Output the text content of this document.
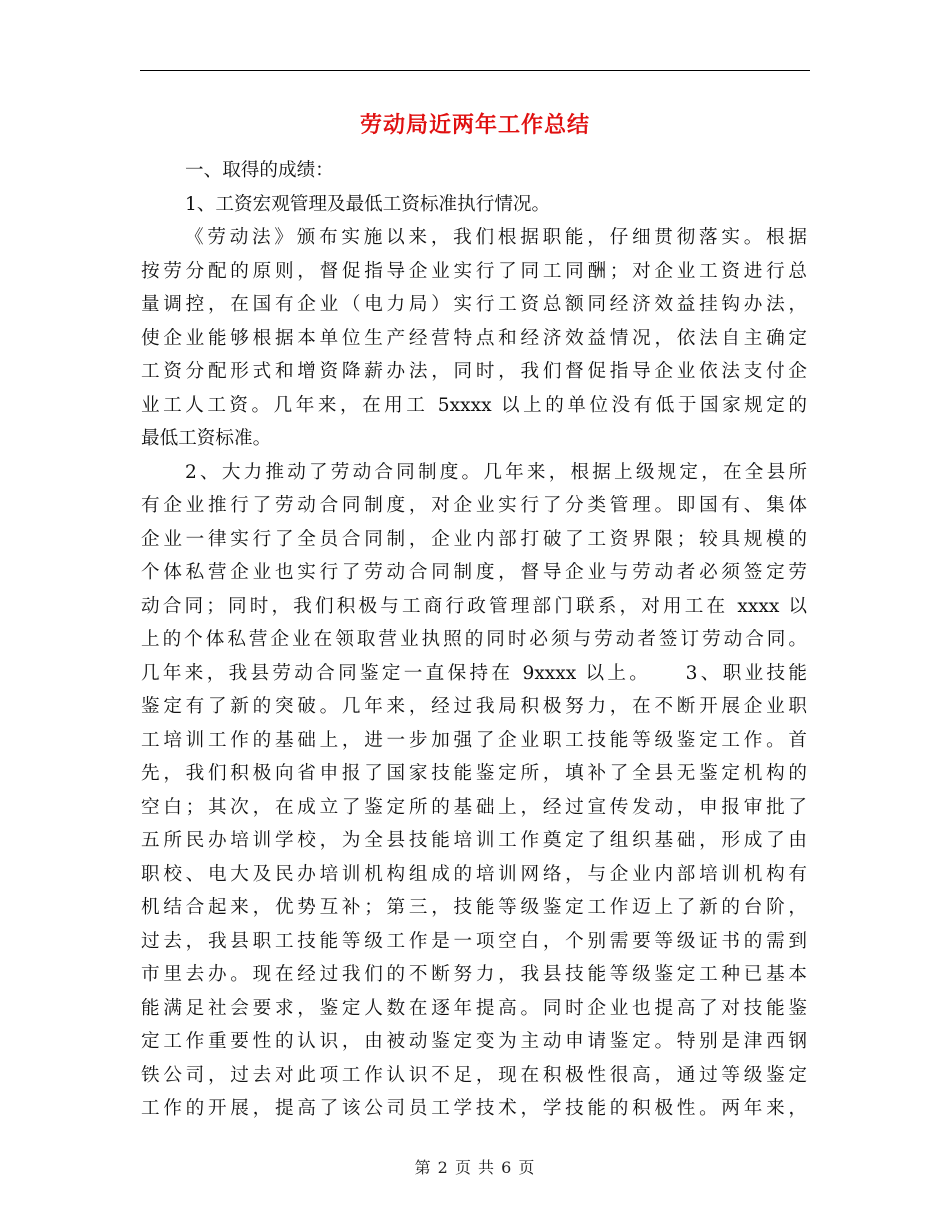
劳动局近两年工作总结
一、取得的成绩：
1、工资宏观管理及最低工资标准执行情况。
《劳动法》颁布实施以来，我们根据职能，仔细贯彻落实。根据
按劳分配的原则，督促指导企业实行了同工同酬；对企业工资进行总
量调控，在国有企业（电力局）实行工资总额同经济效益挂钩办法，
使企业能够根据本单位生产经营特点和经济效益情况，依法自主确定
工资分配形式和增资降薪办法，同时，我们督促指导企业依法支付企
业工人工资。几年来，在用工 5xxxx 以上的单位没有低于国家规定的
最低工资标准。
2、大力推动了劳动合同制度。几年来，根据上级规定，在全县所
有企业推行了劳动合同制度，对企业实行了分类管理。即国有、集体
企业一律实行了全员合同制，企业内部打破了工资界限；较具规模的
个体私营企业也实行了劳动合同制度，督导企业与劳动者必须签定劳
动合同；同时，我们积极与工商行政管理部门联系，对用工在 xxxx 以
上的个体私营企业在领取营业执照的同时必须与劳动者签订劳动合同。
几年来，我县劳动合同鉴定一直保持在 9xxxx 以上。　　3、职业技能
鉴定有了新的突破。几年来，经过我局积极努力，在不断开展企业职
工培训工作的基础上，进一步加强了企业职工技能等级鉴定工作。首
先，我们积极向省申报了国家技能鉴定所，填补了全县无鉴定机构的
空白；其次，在成立了鉴定所的基础上，经过宣传发动，申报审批了
五所民办培训学校，为全县技能培训工作奠定了组织基础，形成了由
职校、电大及民办培训机构组成的培训网络，与企业内部培训机构有
机结合起来，优势互补；第三，技能等级鉴定工作迈上了新的台阶，
过去，我县职工技能等级工作是一项空白，个别需要等级证书的需到
市里去办。现在经过我们的不断努力，我县技能等级鉴定工种已基本
能满足社会要求，鉴定人数在逐年提高。同时企业也提高了对技能鉴
定工作重要性的认识，由被动鉴定变为主动申请鉴定。特别是津西钢
铁公司，过去对此项工作认识不足，现在积极性很高，通过等级鉴定
工作的开展，提高了该公司员工学技术，学技能的积极性。两年来，
第 2 页 共 6 页
